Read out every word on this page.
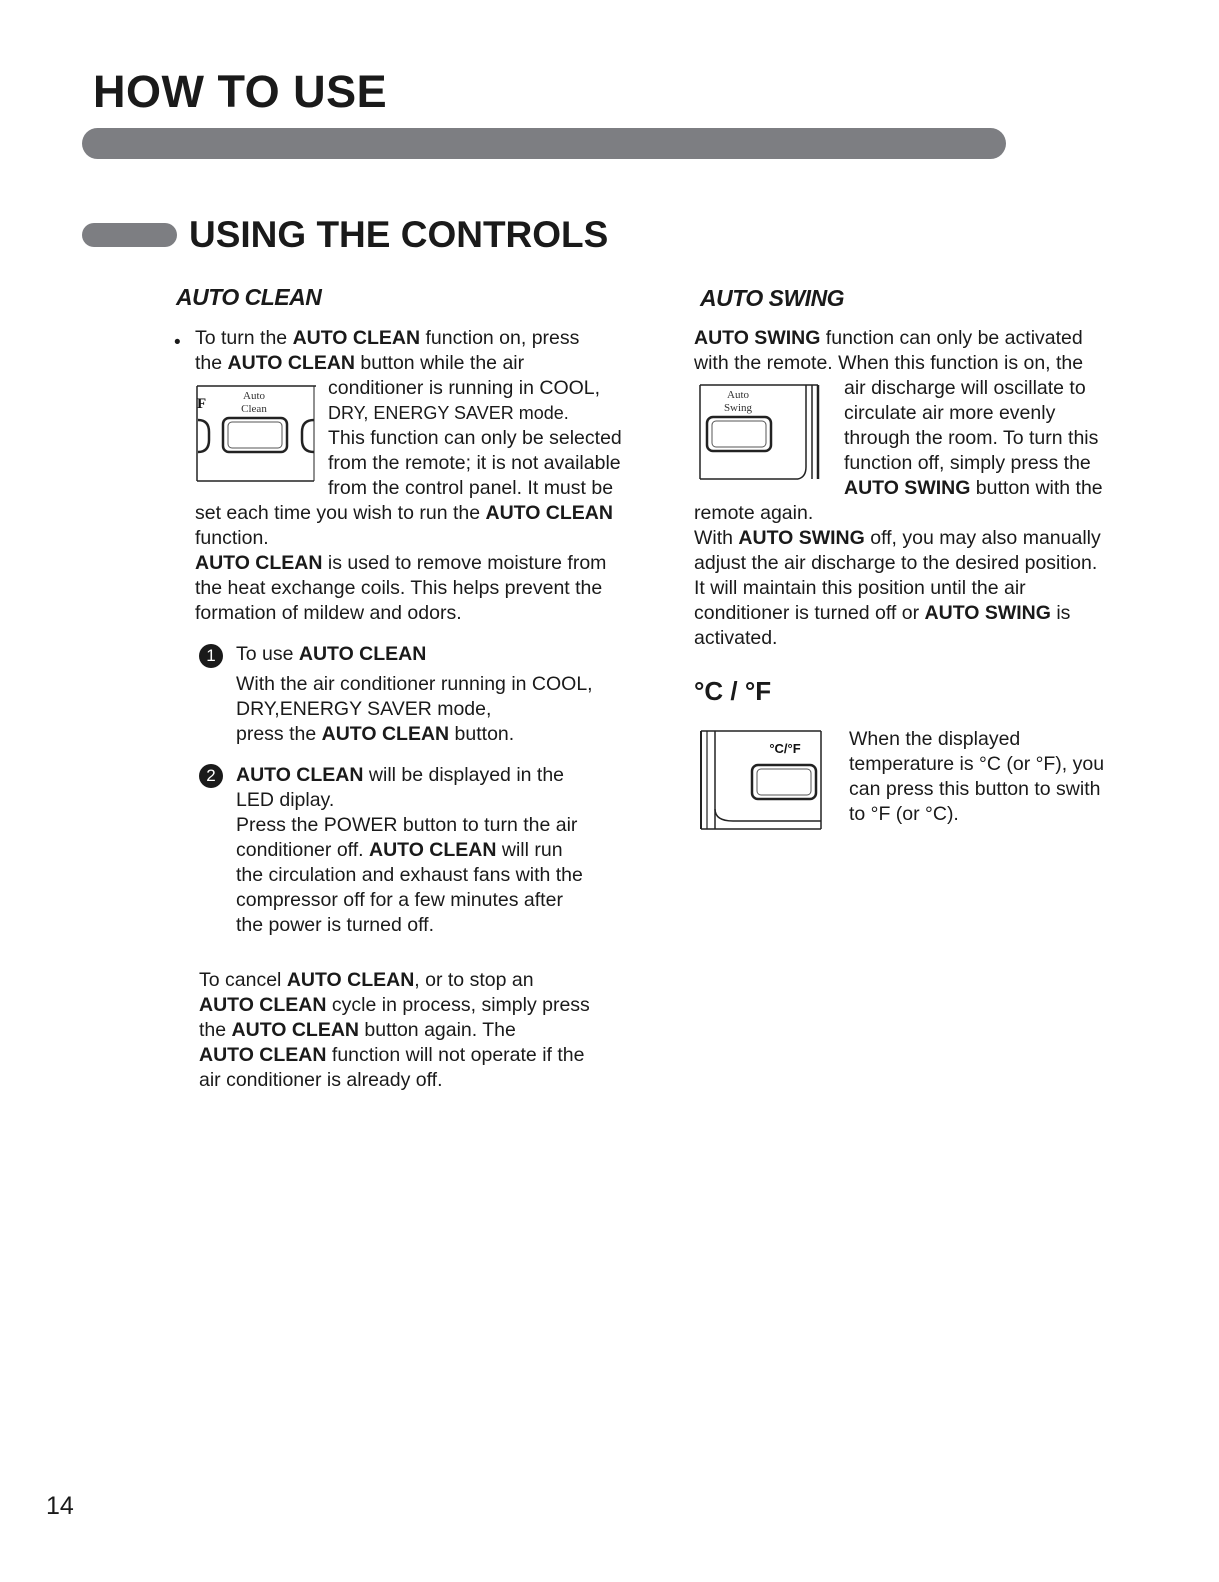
HOW TO USE
USING THE CONTROLS
AUTO CLEAN
• To turn the AUTO CLEAN function on, press

the AUTO CLEAN button while the air

conditioner is running in COOL,

DRY, ENERGY SAVER mode.

This function can only be selected

from the remote; it is not available

from the control panel. It must be

set each time you wish to run the AUTO CLEAN

function.

F	Auto
Clean

AUTO CLEAN is used to remove moisture from

the heat exchange coils. This helps prevent the

formation of mildew and odors.

1	To use AUTO CLEAN

With the air conditioner running in COOL,

DRY,ENERGY SAVER mode,

press the AUTO CLEAN button.

2	AUTO CLEAN will be displayed in the

LED diplay.

Press the POWER button to turn the air

conditioner off. AUTO CLEAN will run

the circulation and exhaust fans with the

compressor off for a few minutes after

the power is turned off.

To cancel AUTO CLEAN, or to stop an

AUTO CLEAN cycle in process, simply press

the AUTO CLEAN button again. The

AUTO CLEAN function will not operate if the

air conditioner is already off.

AUTO SWING

AUTO SWING function can only be activated

with the remote. When this function is on, the

air discharge will oscillate to

circulate air more evenly

through the room. To turn this

function off, simply press the

AUTO SWING button with the

remote again.

Auto
Swing

With AUTO SWING off, you may also manually

adjust the air discharge to the desired position.

It will maintain this position until the air

conditioner is turned off or AUTO SWING is

activated.

°C / °F
°C/°F When the displayed

temperature is °C (or °F), you

can press this button to swith

to °F (or °C).

14
